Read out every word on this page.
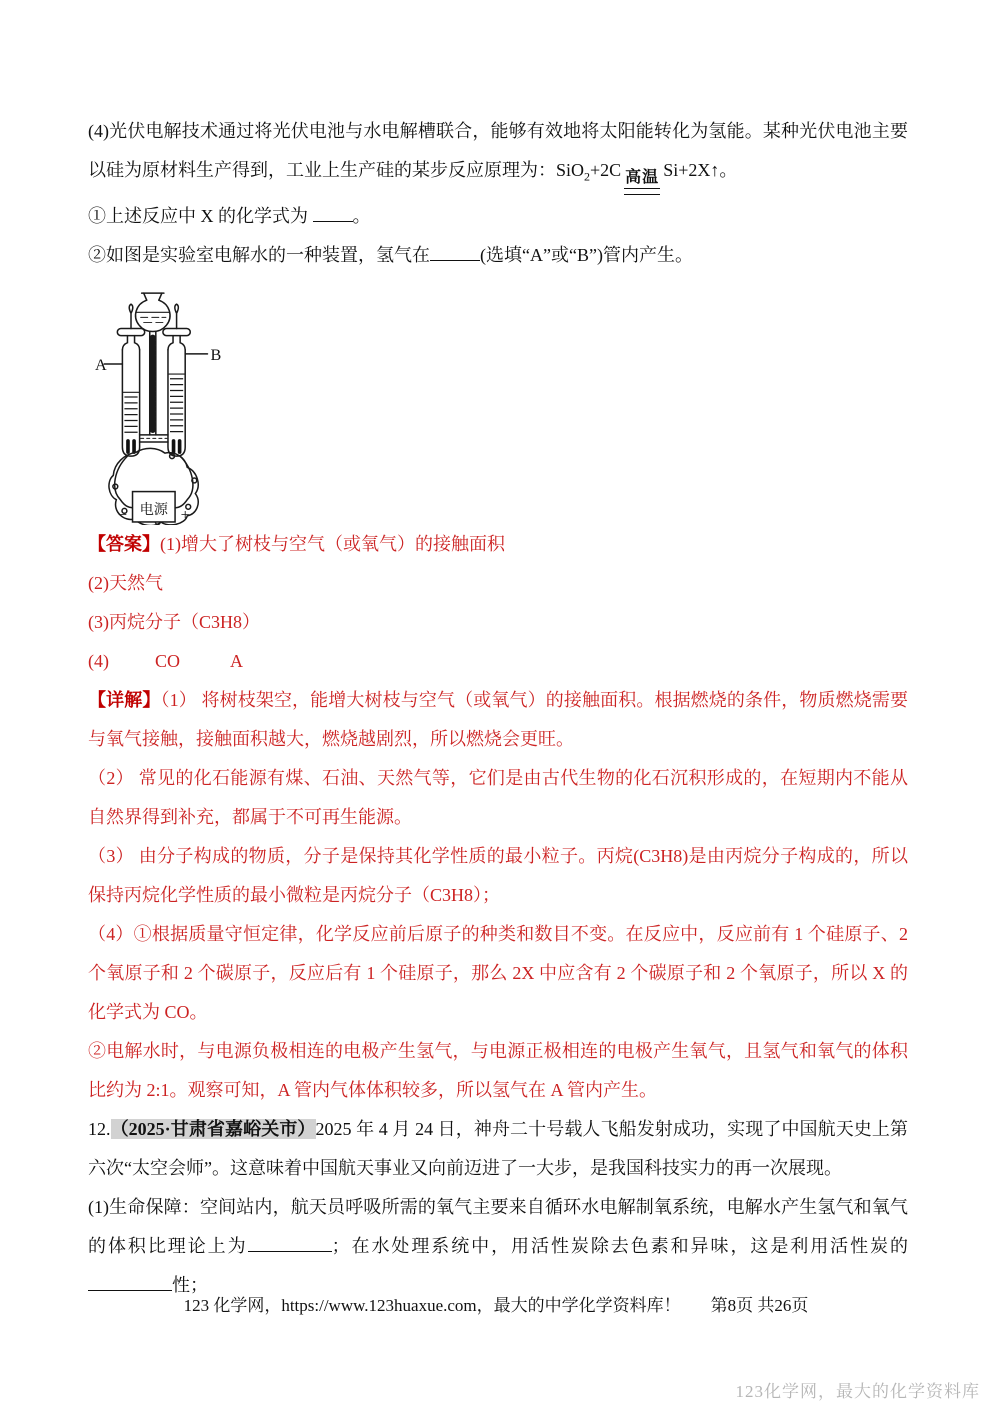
(4)光伏电解技术通过将光伏电池与水电解槽联合，能够有效地将太阳能转化为氢能。某种光伏电池主要以硅为原材料生产得到，工业上生产硅的某步反应原理为：SiO$_2$+2C 高温 Si+2X↑。

①上述反应中 X 的化学式为 。

②如图是实验室电解水的一种装置，氢气在	(选填“A”或“B”)管内产生。

A
B
电源
−	+

【答案】(1)增大了树枝与空气（或氧气）的接触面积

(2)天然气

(3)丙烷分子（C3H8）

(4)	CO	A

【详解】（1） 将树枝架空，能增大树枝与空气（或氧气）的接触面积。根据燃烧的条件，物质燃烧需要与氧气接触，接触面积越大，燃烧越剧烈，所以燃烧会更旺。

（2） 常见的化石能源有煤、石油、天然气等，它们是由古代生物的化石沉积形成的，在短期内不能从自然界得到补充，都属于不可再生能源。

（3） 由分子构成的物质，分子是保持其化学性质的最小粒子。丙烷(C3H8)是由丙烷分子构成的，所以保持丙烷化学性质的最小微粒是丙烷分子（C3H8）；

（4）①根据质量守恒定律，化学反应前后原子的种类和数目不变。在反应中，反应前有 1 个硅原子、2 个氧原子和 2 个碳原子，反应后有 1 个硅原子，那么 2X 中应含有 2 个碳原子和 2 个氧原子，所以 X 的化学式为 CO。

②电解水时，与电源负极相连的电极产生氢气，与电源正极相连的电极产生氧气，且氢气和氧气的体积比约为 2:1。观察可知，A 管内气体体积较多，所以氢气在 A 管内产生。

12.（2025·甘肃省嘉峪关市）2025 年 4 月 24 日，神舟二十号载人飞船发射成功，实现了中国航天史上第六次“太空会师”。这意味着中国航天事业又向前迈进了一大步，是我国科技实力的再一次展现。

(1)生命保障：空间站内，航天员呼吸所需的氧气主要来自循环水电解制氧系统，电解水产生氢气和氧气的体积比理论上为	；在水处理系统中，用活性炭除去色素和异味，这是利用活性炭的性；

123 化学网，https://www.123huaxue.com，最大的中学化学资料库！ 第8页 共26页
123化学网，最大的化学资料库
